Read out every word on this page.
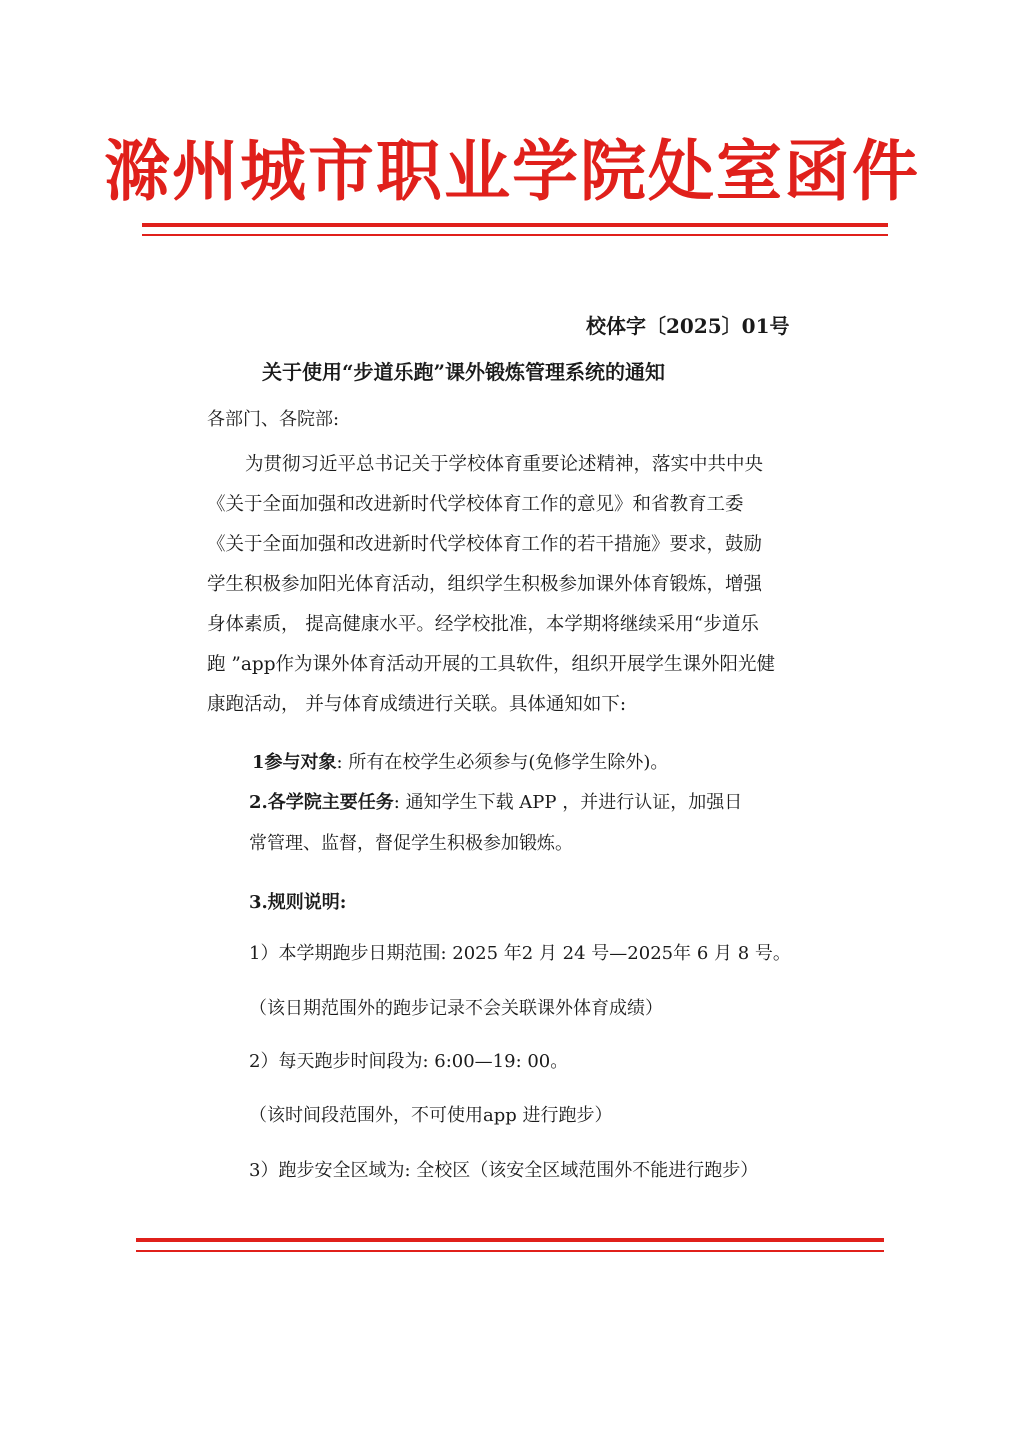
滁州城市职业学院处室函件
校体字〔2025〕01号
关于使用“步道乐跑”课外锻炼管理系统的通知
各部门、各院部:
为贯彻习近平总书记关于学校体育重要论述精神，落实中共中央
《关于全面加强和改进新时代学校体育工作的意见》和省教育工委
《关于全面加强和改进新时代学校体育工作的若干措施》要求，鼓励
学生积极参加阳光体育活动，组织学生积极参加课外体育锻炼，增强
身体素质， 提高健康水平。经学校批准，本学期将继续采用“步道乐
跑 ”app作为课外体育活动开展的工具软件，组织开展学生课外阳光健
康跑活动， 并与体育成绩进行关联。具体通知如下:
1参与对象: 所有在校学生必须参与(免修学生除外)。
2.各学院主要任务: 通知学生下载 APP ，并进行认证，加强日
常管理、监督，督促学生积极参加锻炼。
3.规则说明:
1）本学期跑步日期范围: 2025 年2 月 24 号—2025年 6 月 8 号。
（该日期范围外的跑步记录不会关联课外体育成绩）
2）每天跑步时间段为: 6:00—19: 00。
（该时间段范围外，不可使用app 进行跑步）
3）跑步安全区域为: 全校区（该安全区域范围外不能进行跑步）
